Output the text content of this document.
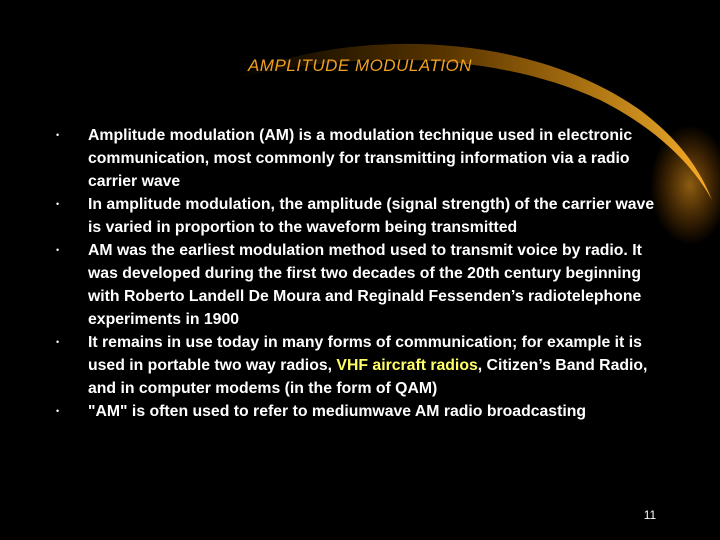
AMPLITUDE MODULATION
• Amplitude modulation (AM) is a modulation technique used in electronic communication, most commonly for transmitting information via a radio carrier wave
• In amplitude modulation, the amplitude (signal strength) of the carrier wave is varied in proportion to the waveform being transmitted
• AM was the earliest modulation method used to transmit voice by radio. It was developed during the first two decades of the 20th century beginning with Roberto Landell De Moura and Reginald Fessenden’s radiotelephone experiments in 1900
• It remains in use today in many forms of communication; for example it is used in portable two way radios, VHF aircraft radios, Citizen’s Band Radio, and in computer modems (in the form of QAM)
• "AM" is often used to refer to mediumwave AM radio broadcasting
11
